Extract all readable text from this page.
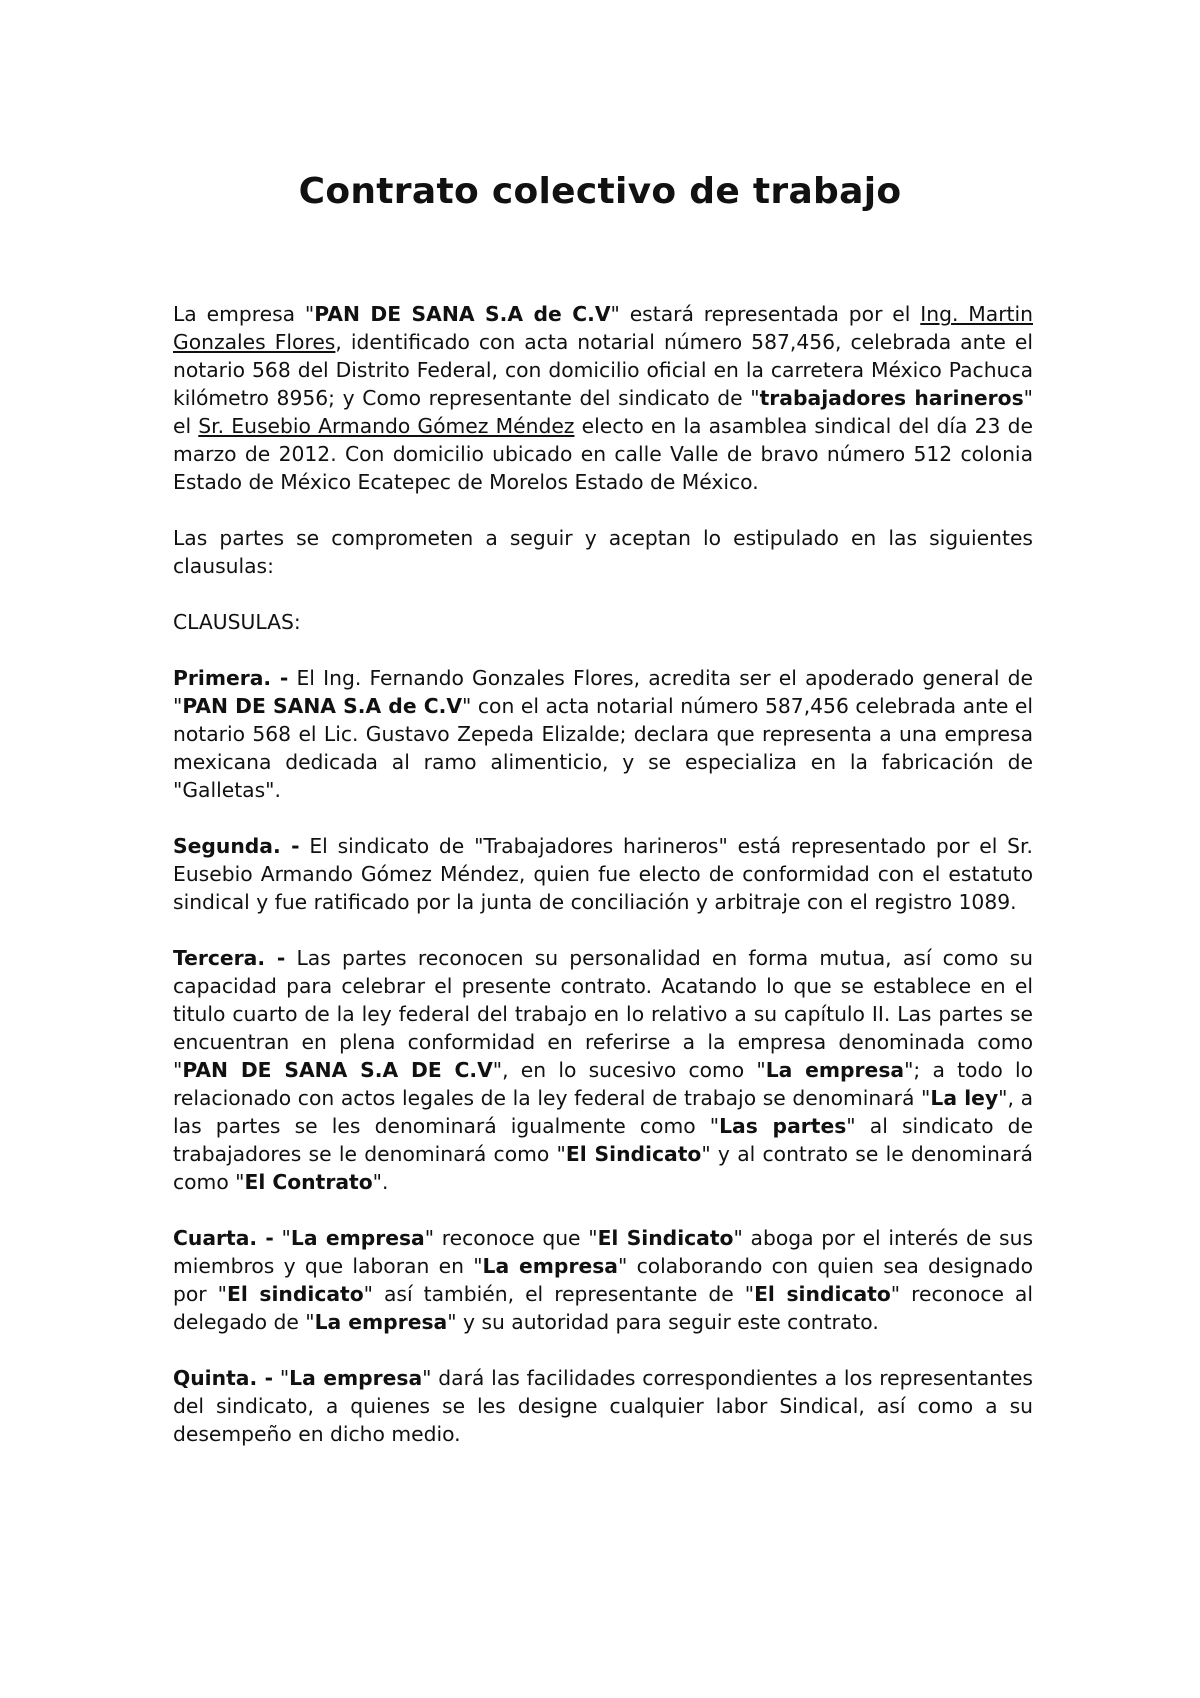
Contrato colectivo de trabajo

La empresa "PAN DE SANA S.A de C.V" estará representada por el Ing. Martin Gonzales Flores, identificado con acta notarial número 587,456, celebrada ante el notario 568 del Distrito Federal, con domicilio oficial en la carretera México Pachuca kilómetro 8956; y Como representante del sindicato de "trabajadores harineros" el Sr. Eusebio Armando Gómez Méndez electo en la asamblea sindical del día 23 de marzo de 2012. Con domicilio ubicado en calle Valle de bravo número 512 colonia Estado de México Ecatepec de Morelos Estado de México.

Las partes se comprometen a seguir y aceptan lo estipulado en las siguientes clausulas:

CLAUSULAS:

Primera. - El Ing. Fernando Gonzales Flores, acredita ser el apoderado general de "PAN DE SANA S.A de C.V" con el acta notarial número 587,456 celebrada ante el notario 568 el Lic. Gustavo Zepeda Elizalde; declara que representa a una empresa mexicana dedicada al ramo alimenticio, y se especializa en la fabricación de "Galletas".

Segunda. - El sindicato de "Trabajadores harineros" está representado por el Sr. Eusebio Armando Gómez Méndez, quien fue electo de conformidad con el estatuto sindical y fue ratificado por la junta de conciliación y arbitraje con el registro 1089.

Tercera. - Las partes reconocen su personalidad en forma mutua, así como su capacidad para celebrar el presente contrato. Acatando lo que se establece en el titulo cuarto de la ley federal del trabajo en lo relativo a su capítulo II. Las partes se encuentran en plena conformidad en referirse a la empresa denominada como "PAN DE SANA S.A DE C.V", en lo sucesivo como "La empresa"; a todo lo relacionado con actos legales de la ley federal de trabajo se denominará "La ley", a las partes se les denominará igualmente como "Las partes" al sindicato de trabajadores se le denominará como "El Sindicato" y al contrato se le denominará como "El Contrato".

Cuarta. - "La empresa" reconoce que "El Sindicato" aboga por el interés de sus miembros y que laboran en "La empresa" colaborando con quien sea designado por "El sindicato" así también, el representante de "El sindicato" reconoce al delegado de "La empresa" y su autoridad para seguir este contrato.

Quinta. - "La empresa" dará las facilidades correspondientes a los representantes del sindicato, a quienes se les designe cualquier labor Sindical, así como a su desempeño en dicho medio.
